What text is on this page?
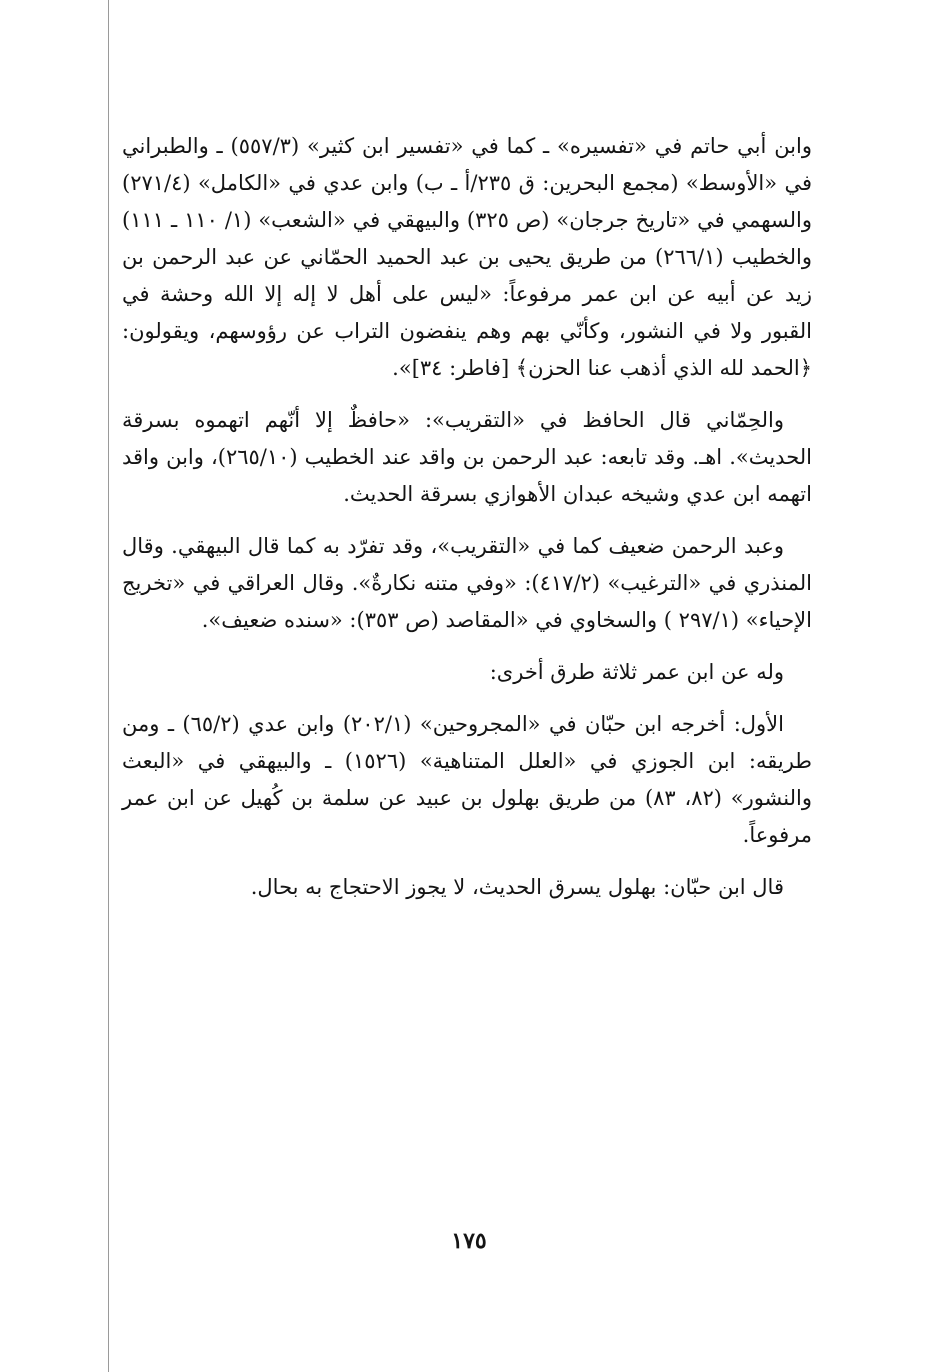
وابن أبي حاتم في «تفسيره» ـ كما في «تفسير ابن كثير» (٥٥٧/٣) ـ والطبراني في «الأوسط» (مجمع البحرين: ق ٢٣٥/أ ـ ب) وابن عدي في «الكامل» (٢٧١/٤) والسهمي في «تاريخ جرجان» (ص ٣٢٥) والبيهقي في «الشعب» (١/ ١١٠ ـ ١١١) والخطيب (٢٦٦/١) من طريق يحيى بن عبد الحميد الحمّاني عن عبد الرحمن بن زيد عن أبيه عن ابن عمر مرفوعاً: «ليس على أهل لا إله إلا الله وحشة في القبور ولا في النشور، وكأنّي بهم وهم ينفضون التراب عن رؤوسهم، ويقولون: ﴿الحمد لله الذي أذهب عنا الحزن﴾ [فاطر: ٣٤]».

والحِمّاني قال الحافظ في «التقريب»: «حافظٌ إلا أنّهم اتهموه بسرقة الحديث». اهـ. وقد تابعه: عبد الرحمن بن واقد عند الخطيب (٢٦٥/١٠)، وابن واقد اتهمه ابن عدي وشيخه عبدان الأهوازي بسرقة الحديث.

وعبد الرحمن ضعيف كما في «التقريب»، وقد تفرّد به كما قال البيهقي. وقال المنذري في «الترغيب» (٤١٧/٢): «وفي متنه نكارةٌ». وقال العراقي في «تخريج الإحياء» (٢٩٧/١ ) والسخاوي في «المقاصد (ص ٣٥٣): «سنده ضعيف».

وله عن ابن عمر ثلاثة طرق أخرى:

الأول: أخرجه ابن حبّان في «المجروحين» (٢٠٢/١) وابن عدي (٦٥/٢) ـ ومن طريقه: ابن الجوزي في «العلل المتناهية» (١٥٢٦) ـ والبيهقي في «البعث والنشور» (٨٢، ٨٣) من طريق بهلول بن عبيد عن سلمة بن كُهيل عن ابن عمر مرفوعاً.

قال ابن حبّان: بهلول يسرق الحديث، لا يجوز الاحتجاج به بحال.

١٧٥
